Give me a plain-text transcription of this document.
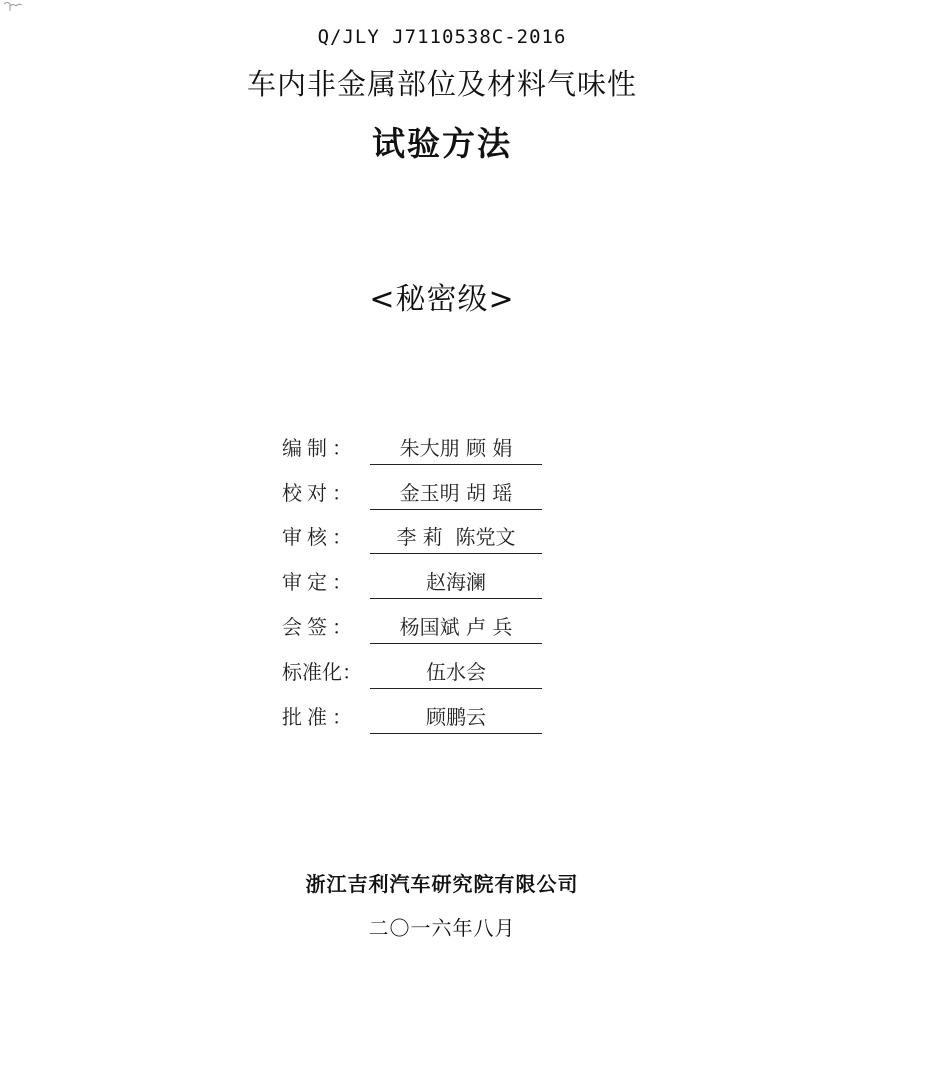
Q/JLY J7110538C-2016
车内非金属部位及材料气味性
试验方法
<秘密级>
编 制 ：	朱大朋 顾 娟
校 对 ：	金玉明 胡 瑶
审 核 ：	李 莉  陈党文
审 定 ：	赵海澜
会 签 ：	杨国斌 卢 兵
标准化 ：	伍水会
批 准 ：	顾鹏云
浙江吉利汽车研究院有限公司
二〇一六年八月
